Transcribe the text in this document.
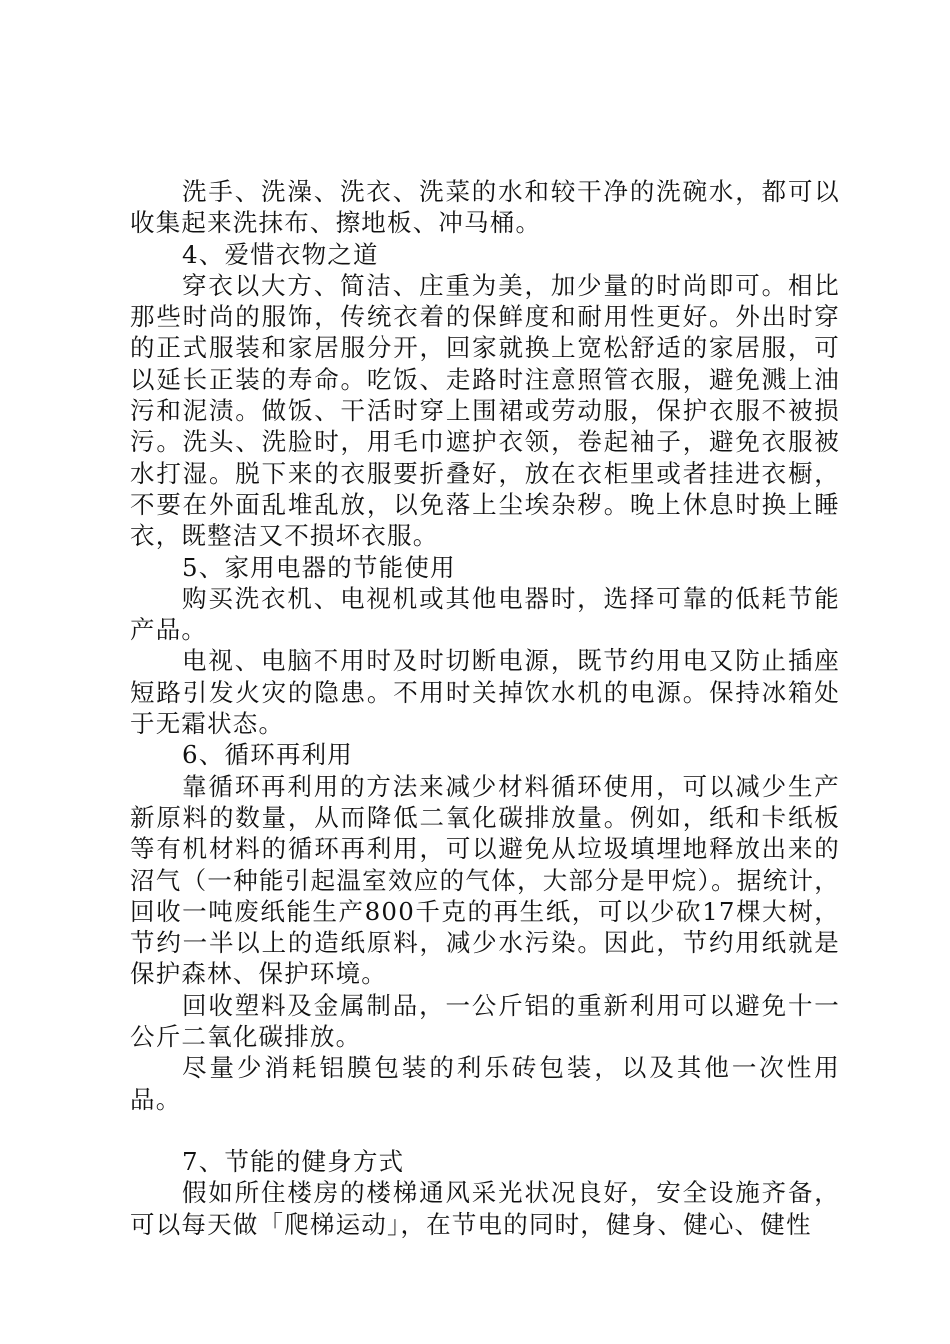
洗手、洗澡、洗衣、洗菜的水和较干净的洗碗水，都可以收集起来洗抹布、擦地板、冲马桶。

4、爱惜衣物之道

穿衣以大方、简洁、庄重为美，加少量的时尚即可。相比那些时尚的服饰，传统衣着的保鲜度和耐用性更好。外出时穿的正式服装和家居服分开，回家就换上宽松舒适的家居服，可以延长正装的寿命。吃饭、走路时注意照管衣服，避免溅上油污和泥渍。做饭、干活时穿上围裙或劳动服，保护衣服不被损污。洗头、洗脸时，用毛巾遮护衣领，卷起袖子，避免衣服被水打湿。脱下来的衣服要折叠好，放在衣柜里或者挂进衣橱，不要在外面乱堆乱放，以免落上尘埃杂秽。晚上休息时换上睡衣，既整洁又不损坏衣服。

5、家用电器的节能使用

购买洗衣机、电视机或其他电器时，选择可靠的低耗节能产品。

电视、电脑不用时及时切断电源，既节约用电又防止插座短路引发火灾的隐患。不用时关掉饮水机的电源。保持冰箱处于无霜状态。

6、循环再利用

靠循环再利用的方法来减少材料循环使用，可以减少生产新原料的数量，从而降低二氧化碳排放量。例如，纸和卡纸板等有机材料的循环再利用，可以避免从垃圾填埋地释放出来的沼气（一种能引起温室效应的气体，大部分是甲烷）。据统计，回收一吨废纸能生产800千克的再生纸，可以少砍17棵大树，节约一半以上的造纸原料，减少水污染。因此，节约用纸就是保护森林、保护环境。

回收塑料及金属制品，一公斤铝的重新利用可以避免十一公斤二氧化碳排放。

尽量少消耗铝膜包装的利乐砖包装，以及其他一次性用品。

7、节能的健身方式

假如所住楼房的楼梯通风采光状况良好，安全设施齐备，可以每天做「爬梯运动」，在节电的同时，健身、健心、健性
